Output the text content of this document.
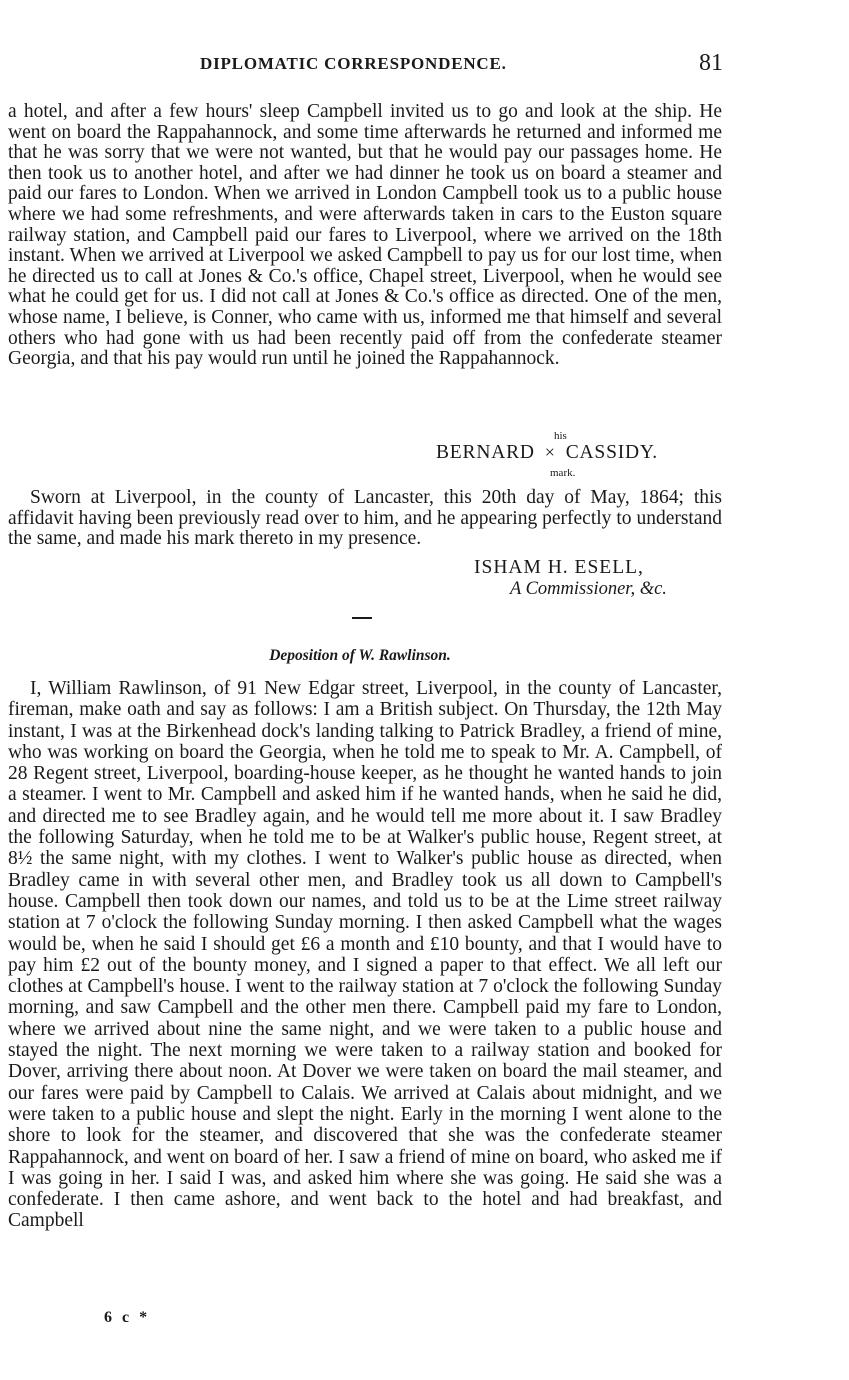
DIPLOMATIC CORRESPONDENCE.	81

a hotel, and after a few hours' sleep Campbell invited us to go and look at the ship. He went on board the Rappahannock, and some time afterwards he returned and informed me that he was sorry that we were not wanted, but that he would pay our passages home. He then took us to another hotel, and after we had dinner he took us on board a steamer and paid our fares to London. When we arrived in London Campbell took us to a public house where we had some refreshments, and were afterwards taken in cars to the Euston square railway station, and Campbell paid our fares to Liverpool, where we arrived on the 18th instant. When we arrived at Liverpool we asked Campbell to pay us for our lost time, when he directed us to call at Jones & Co.'s office, Chapel street, Liverpool, when he would see what he could get for us. I did not call at Jones & Co.'s office as directed. One of the men, whose name, I believe, is Conner, who came with us, informed me that himself and several others who had gone with us had been recently paid off from the confederate steamer Georgia, and that his pay would run until he joined the Rappahannock.

his
BERNARD × CASSIDY.
mark.

Sworn at Liverpool, in the county of Lancaster, this 20th day of May, 1864; this affidavit having been previously read over to him, and he appearing perfectly to understand the same, and made his mark thereto in my presence.

ISHAM H. ESELL,
A Commissioner, &c.
Deposition of W. Rawlinson.

I, William Rawlinson, of 91 New Edgar street, Liverpool, in the county of Lancaster, fireman, make oath and say as follows: I am a British subject. On Thursday, the 12th May instant, I was at the Birkenhead dock's landing talking to Patrick Bradley, a friend of mine, who was working on board the Georgia, when he told me to speak to Mr. A. Campbell, of 28 Regent street, Liverpool, boarding-house keeper, as he thought he wanted hands to join a steamer. I went to Mr. Campbell and asked him if he wanted hands, when he said he did, and directed me to see Bradley again, and he would tell me more about it. I saw Bradley the following Saturday, when he told me to be at Walker's public house, Regent street, at 8½ the same night, with my clothes. I went to Walker's public house as directed, when Bradley came in with several other men, and Bradley took us all down to Campbell's house. Campbell then took down our names, and told us to be at the Lime street railway station at 7 o'clock the following Sunday morning. I then asked Campbell what the wages would be, when he said I should get £6 a month and £10 bounty, and that I would have to pay him £2 out of the bounty money, and I signed a paper to that effect. We all left our clothes at Campbell's house. I went to the railway station at 7 o'clock the following Sunday morning, and saw Campbell and the other men there. Campbell paid my fare to London, where we arrived about nine the same night, and we were taken to a public house and stayed the night. The next morning we were taken to a railway station and booked for Dover, arriving there about noon. At Dover we were taken on board the mail steamer, and our fares were paid by Campbell to Calais. We arrived at Calais about midnight, and we were taken to a public house and slept the night. Early in the morning I went alone to the shore to look for the steamer, and discovered that she was the confederate steamer Rappahannock, and went on board of her. I saw a friend of mine on board, who asked me if I was going in her. I said I was, and asked him where she was going. He said she was a confederate. I then came ashore, and went back to the hotel and had breakfast, and Campbell

6 c *
